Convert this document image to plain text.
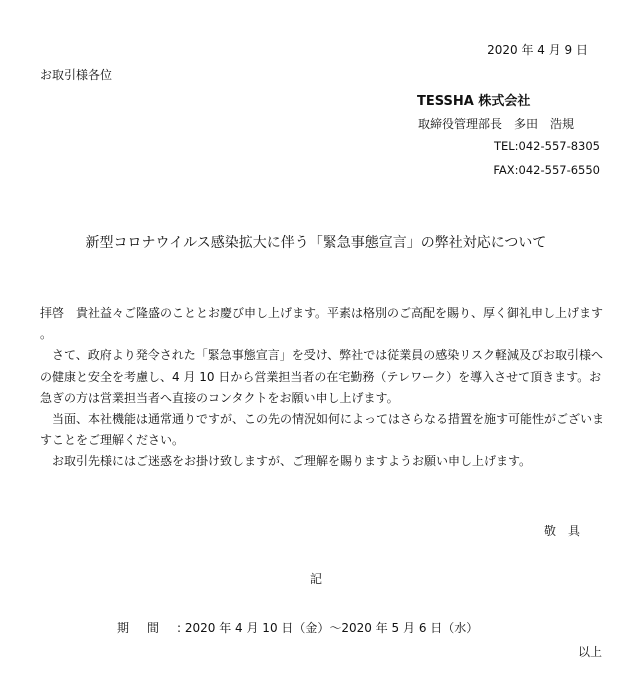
2020 年 4 月 9 日
お取引様各位
TESSHA 株式会社
取締役管理部長　多田　浩規
TEL:042-557-8305
FAX:042-557-6550
新型コロナウイルス感染拡大に伴う「緊急事態宣言」の弊社対応について

拝啓　貴社益々ご隆盛のこととお慶び申し上げます。平素は格別のご高配を賜り、厚く御礼申し上げます。

　さて、政府より発令された「緊急事態宣言」を受け、弊社では従業員の感染リスク軽減及びお取引様への健康と安全を考慮し、4 月 10 日から営業担当者の在宅勤務（テレワーク）を導入させて頂きます。お急ぎの方は営業担当者へ直接のコンタクトをお願い申し上げます。

　当面、本社機能は通常通りですが、この先の情況如何によってはさらなる措置を施す可能性がございますことをご理解ください。

　お取引先様にはご迷惑をお掛け致しますが、ご理解を賜りますようお願い申し上げます。

敬具
記
期間: 2020 年 4 月 10 日（金）～2020 年 5 月 6 日（水）
以上
